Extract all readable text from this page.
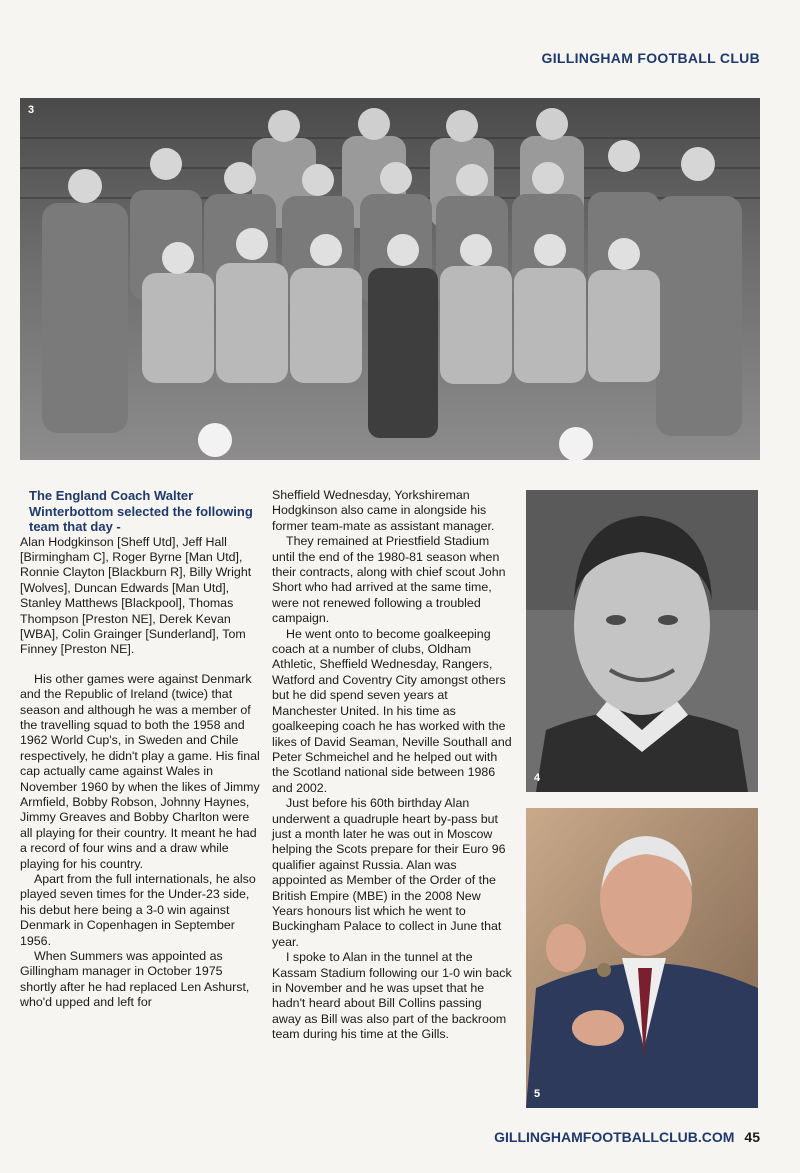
GILLINGHAM FOOTBALL CLUB
3

The England Coach Walter Winterbottom selected the following team that day -

Alan Hodgkinson [Sheff Utd], Jeff Hall [Birmingham C], Roger Byrne [Man Utd], Ronnie Clayton [Blackburn R], Billy Wright [Wolves], Duncan Edwards [Man Utd], Stanley Matthews [Blackpool], Thomas Thompson [Preston NE], Derek Kevan [WBA], Colin Grainger [Sunderland], Tom Finney [Preston NE].

His other games were against Denmark and the Republic of Ireland (twice) that season and although he was a member of the travelling squad to both the 1958 and 1962 World Cup's, in Sweden and Chile respectively, he didn't play a game. His final cap actually came against Wales in November 1960 by when the likes of Jimmy Armfield, Bobby Robson, Johnny Haynes, Jimmy Greaves and Bobby Charlton were all playing for their country. It meant he had a record of four wins and a draw while playing for his country.

Apart from the full internationals, he also played seven times for the Under-23 side, his debut here being a 3-0 win against Denmark in Copenhagen in September 1956.

When Summers was appointed as Gillingham manager in October 1975 shortly after he had replaced Len Ashurst, who'd upped and left for

Sheffield Wednesday, Yorkshireman Hodgkinson also came in alongside his former team-mate as assistant manager.

They remained at Priestfield Stadium until the end of the 1980-81 season when their contracts, along with chief scout John Short who had arrived at the same time, were not renewed following a troubled campaign.

He went onto to become goalkeeping coach at a number of clubs, Oldham Athletic, Sheffield Wednesday, Rangers, Watford and Coventry City amongst others but he did spend seven years at Manchester United. In his time as goalkeeping coach he has worked with the likes of David Seaman, Neville Southall and Peter Schmeichel and he helped out with the Scotland national side between 1986 and 2002.

Just before his 60th birthday Alan underwent a quadruple heart by-pass but just a month later he was out in Moscow helping the Scots prepare for their Euro 96 qualifier against Russia. Alan was appointed as Member of the Order of the British Empire (MBE) in the 2008 New Years honours list which he went to Buckingham Palace to collect in June that year.

I spoke to Alan in the tunnel at the Kassam Stadium following our 1-0 win back in November and he was upset that he hadn't heard about Bill Collins passing away as Bill was also part of the backroom team during his time at the Gills.

4
5
GILLINGHAMFOOTBALLCLUB.COM 45
